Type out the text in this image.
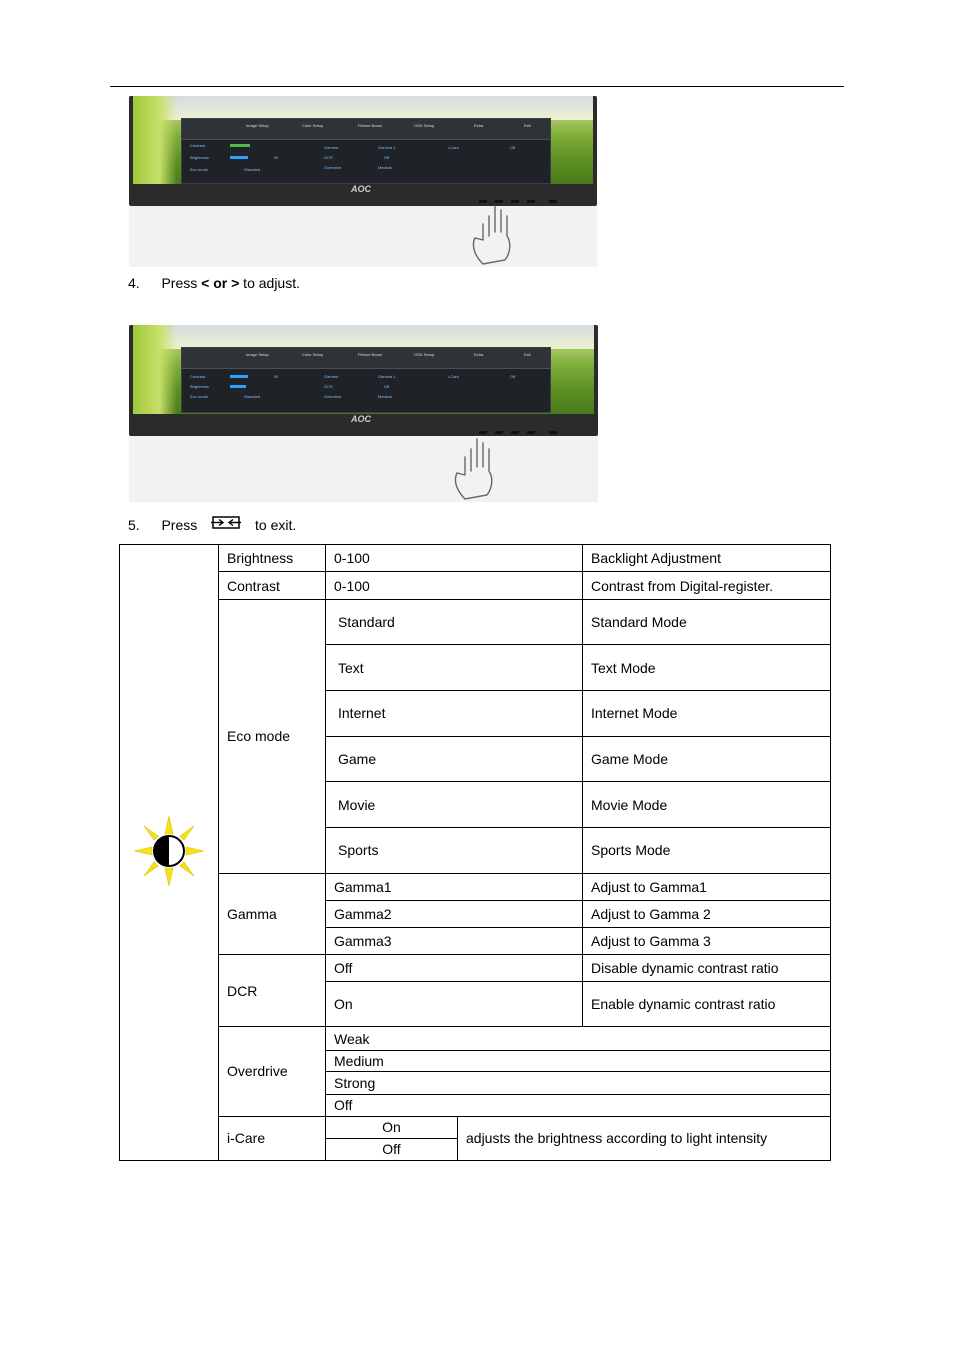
Image Setup	Color Setup	Picture Boost	OSD Setup	Extra	Exit
Contrast
Brightness
Eco mode	Standard
Gamma
DCR
Overdrive
Gamma 1
Off
Medium
i-Care	Off
50
AOC
4. Press < or > to adjust.
Image Setup	Color Setup	Picture Boost	OSD Setup	Extra	Exit
Contrast
Brightness
Eco mode	Standard
Gamma
DCR
Overdrive
Gamma 1
Off
Medium
i-Care	Off
50
AOC
5. Press	to exit.
	Brightness	0-100		Backlight Adjustment
	Contrast	0-100		Contrast from Digital-register.
	Eco mode	Standard		Standard Mode
		Text		Text Mode
		Internet		Internet Mode
		Game		Game Mode
		Movie		Movie Mode
		Sports		Sports Mode
	Gamma	Gamma1		Adjust to Gamma1
		Gamma2		Adjust to Gamma 2
		Gamma3		Adjust to Gamma 3
	DCR	Off		Disable dynamic contrast ratio
		On		Enable dynamic contrast ratio
	Overdrive	Weak		
		Medium		
		Strong		
		Off		
	i-Care	On	adjusts the brightness according to light intensity	
		Off		
